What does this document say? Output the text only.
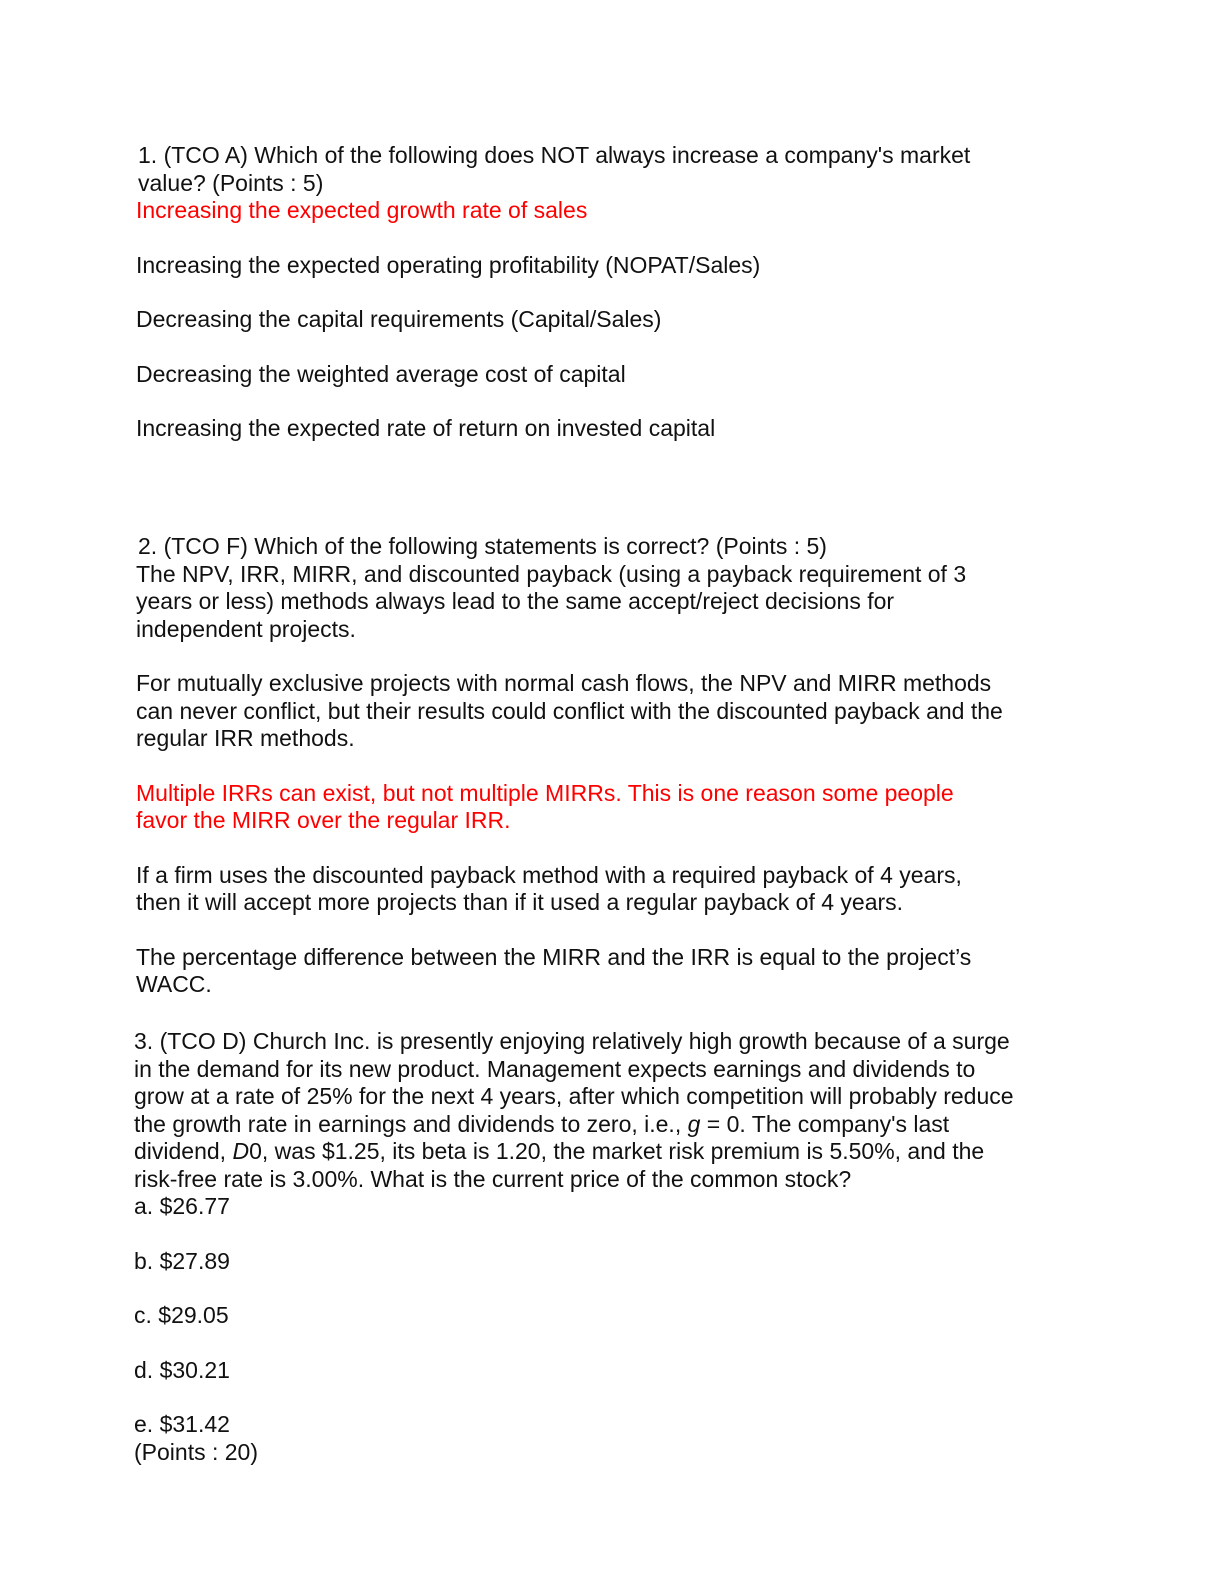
1. (TCO A) Which of the following does NOT always increase a company's market value? (Points : 5)

Increasing the expected growth rate of sales

Increasing the expected operating profitability (NOPAT/Sales)

Decreasing the capital requirements (Capital/Sales)

Decreasing the weighted average cost of capital

Increasing the expected rate of return on invested capital

2. (TCO F) Which of the following statements is correct? (Points : 5)

The NPV, IRR, MIRR, and discounted payback (using a payback requirement of 3 years or less) methods always lead to the same accept/reject decisions for independent projects.

For mutually exclusive projects with normal cash flows, the NPV and MIRR methods can never conflict, but their results could conflict with the discounted payback and the regular IRR methods.

Multiple IRRs can exist, but not multiple MIRRs. This is one reason some people favor the MIRR over the regular IRR.

If a firm uses the discounted payback method with a required payback of 4 years, then it will accept more projects than if it used a regular payback of 4 years.

The percentage difference between the MIRR and the IRR is equal to the project’s WACC.

3. (TCO D) Church Inc. is presently enjoying relatively high growth because of a surge in the demand for its new product. Management expects earnings and dividends to grow at a rate of 25% for the next 4 years, after which competition will probably reduce the growth rate in earnings and dividends to zero, i.e., g = 0. The company's last dividend, D0, was $1.25, its beta is 1.20, the market risk premium is 5.50%, and the risk-free rate is 3.00%. What is the current price of the common stock?

a. $26.77

b. $27.89

c. $29.05

d. $30.21

e. $31.42

(Points : 20)
